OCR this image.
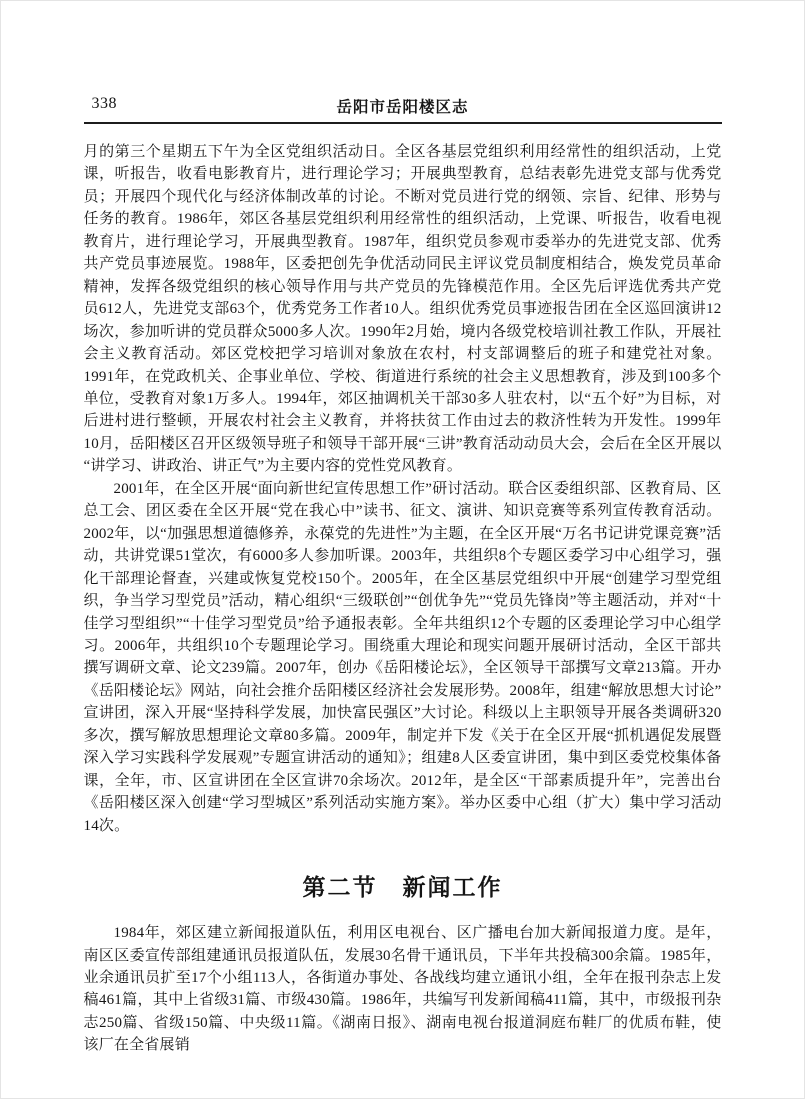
338	岳阳市岳阳楼区志

月的第三个星期五下午为全区党组织活动日。全区各基层党组织利用经常性的组织活动，上党课，听报告，收看电影教育片，进行理论学习；开展典型教育，总结表彰先进党支部与优秀党员；开展四个现代化与经济体制改革的讨论。不断对党员进行党的纲领、宗旨、纪律、形势与任务的教育。1986年，郊区各基层党组织利用经常性的组织活动，上党课、听报告，收看电视教育片，进行理论学习，开展典型教育。1987年，组织党员参观市委举办的先进党支部、优秀共产党员事迹展览。1988年，区委把创先争优活动同民主评议党员制度相结合，焕发党员革命精神，发挥各级党组织的核心领导作用与共产党员的先锋模范作用。全区先后评选优秀共产党员612人，先进党支部63个，优秀党务工作者10人。组织优秀党员事迹报告团在全区巡回演讲12场次，参加听讲的党员群众5000多人次。1990年2月始，境内各级党校培训社教工作队，开展社会主义教育活动。郊区党校把学习培训对象放在农村，村支部调整后的班子和建党社对象。1991年，在党政机关、企事业单位、学校、街道进行系统的社会主义思想教育，涉及到100多个单位，受教育对象1万多人。1994年，郊区抽调机关干部30多人驻农村，以“五个好”为目标，对后进村进行整顿，开展农村社会主义教育，并将扶贫工作由过去的救济性转为开发性。1999年10月，岳阳楼区召开区级领导班子和领导干部开展“三讲”教育活动动员大会，会后在全区开展以“讲学习、讲政治、讲正气”为主要内容的党性党风教育。

2001年，在全区开展“面向新世纪宣传思想工作”研讨活动。联合区委组织部、区教育局、区总工会、团区委在全区开展“党在我心中”读书、征文、演讲、知识竞赛等系列宣传教育活动。2002年，以“加强思想道德修养，永葆党的先进性”为主题，在全区开展“万名书记讲党课竞赛”活动，共讲党课51堂次，有6000多人参加听课。2003年，共组织8个专题区委学习中心组学习，强化干部理论督查，兴建或恢复党校150个。2005年，在全区基层党组织中开展“创建学习型党组织，争当学习型党员”活动，精心组织“三级联创”“创优争先”“党员先锋岗”等主题活动，并对“十佳学习型组织”“十佳学习型党员”给予通报表彰。全年共组织12个专题的区委理论学习中心组学习。2006年，共组织10个专题理论学习。围绕重大理论和现实问题开展研讨活动，全区干部共撰写调研文章、论文239篇。2007年，创办《岳阳楼论坛》，全区领导干部撰写文章213篇。开办《岳阳楼论坛》网站，向社会推介岳阳楼区经济社会发展形势。2008年，组建“解放思想大讨论”宣讲团，深入开展“坚持科学发展，加快富民强区”大讨论。科级以上主职领导开展各类调研320多次，撰写解放思想理论文章80多篇。2009年，制定并下发《关于在全区开展“抓机遇促发展暨深入学习实践科学发展观”专题宣讲活动的通知》；组建8人区委宣讲团，集中到区委党校集体备课，全年，市、区宣讲团在全区宣讲70余场次。2012年，是全区“干部素质提升年”，完善出台《岳阳楼区深入创建“学习型城区”系列活动实施方案》。举办区委中心组（扩大）集中学习活动14次。

第二节　新闻工作

1984年，郊区建立新闻报道队伍，利用区电视台、区广播电台加大新闻报道力度。是年，南区区委宣传部组建通讯员报道队伍，发展30名骨干通讯员，下半年共投稿300余篇。1985年，业余通讯员扩至17个小组113人，各街道办事处、各战线均建立通讯小组，全年在报刊杂志上发稿461篇，其中上省级31篇、市级430篇。1986年，共编写刊发新闻稿411篇，其中，市级报刊杂志250篇、省级150篇、中央级11篇。《湖南日报》、湖南电视台报道洞庭布鞋厂的优质布鞋，使该厂在全省展销
